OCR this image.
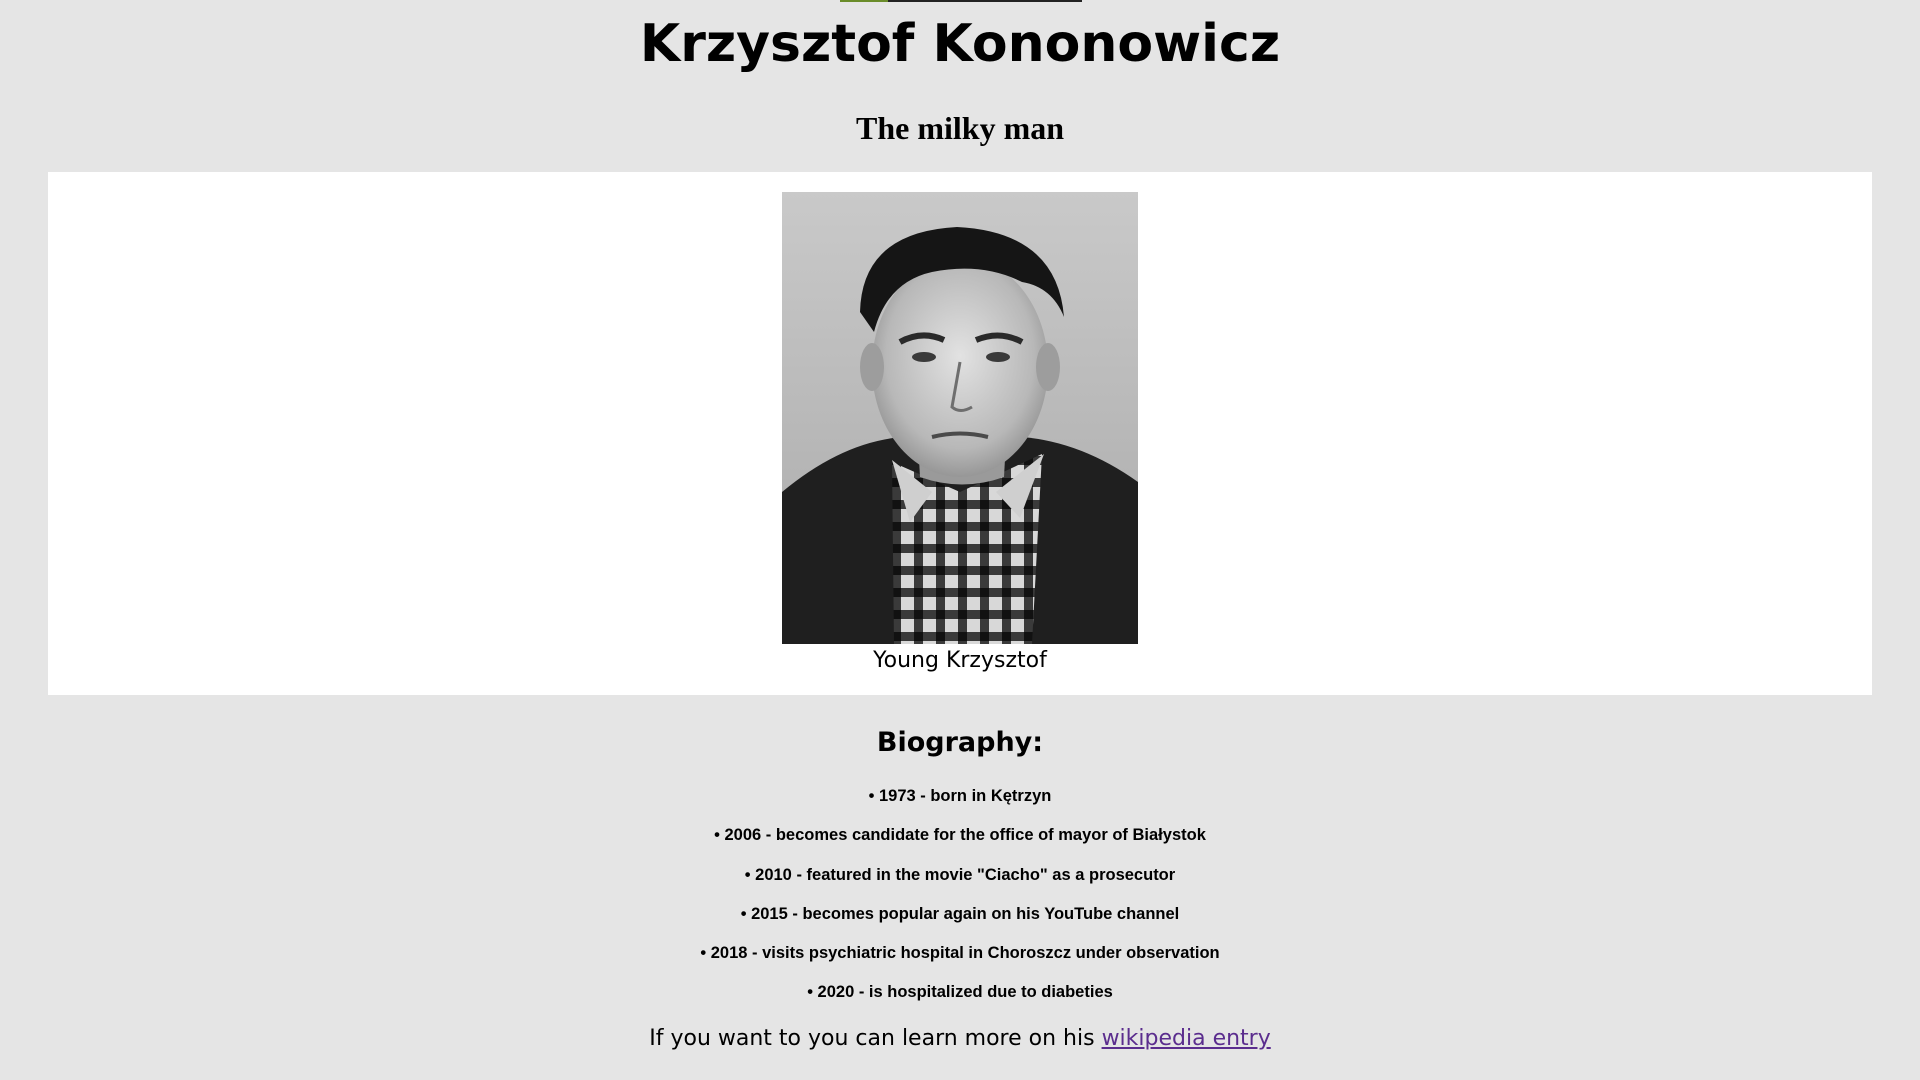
Krzysztof Kononowicz
The milky man
Young Krzysztof
Biography:
• 1973 - born in Kętrzyn
• 2006 - becomes candidate for the office of mayor of Białystok
• 2010 - featured in the movie "Ciacho" as a prosecutor
• 2015 - becomes popular again on his YouTube channel
• 2018 - visits psychiatric hospital in Choroszcz under observation
• 2020 - is hospitalized due to diabeties
If you want to you can learn more on his wikipedia entry
